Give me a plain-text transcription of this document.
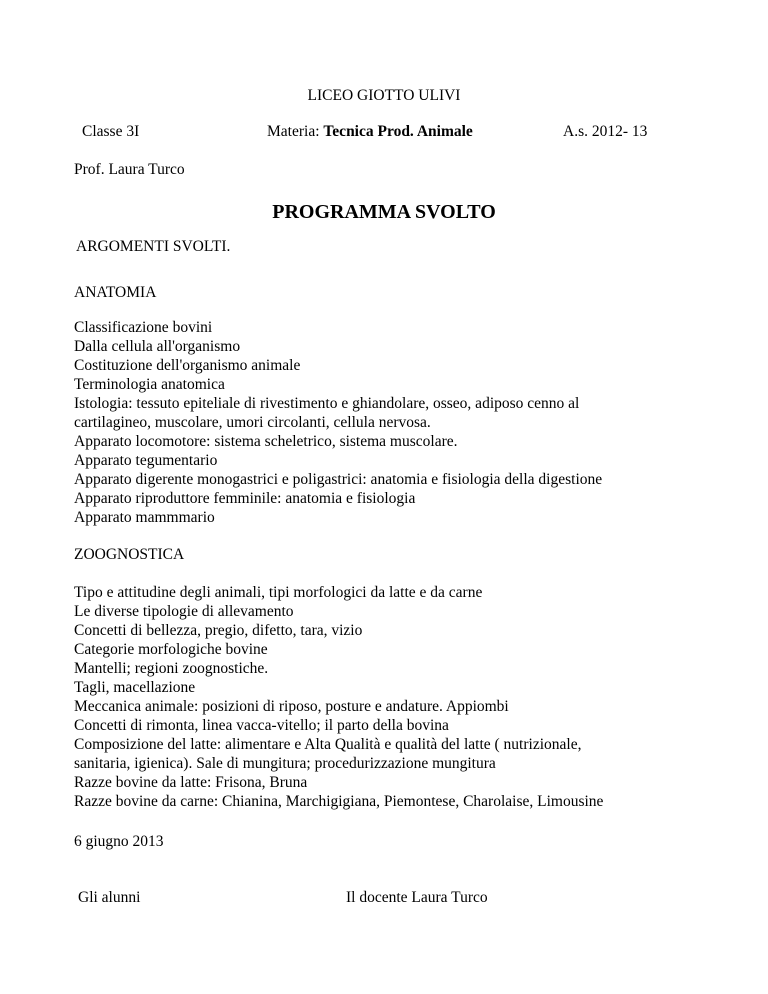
LICEO GIOTTO ULIVI
Classe 3I	Materia: Tecnica Prod. Animale	A.s. 2012- 13
Prof. Laura Turco
PROGRAMMA SVOLTO
ARGOMENTI SVOLTI.
ANATOMIA
Classificazione bovini
Dalla cellula all'organismo
Costituzione dell'organismo animale
Terminologia anatomica
Istologia: tessuto epiteliale di rivestimento e ghiandolare, osseo, adiposo cenno al
cartilagineo, muscolare, umori circolanti, cellula nervosa.
Apparato locomotore: sistema scheletrico, sistema muscolare.
Apparato tegumentario
Apparato digerente monogastrici e poligastrici: anatomia e fisiologia della digestione
Apparato riproduttore femminile: anatomia e fisiologia
Apparato mammmario
ZOOGNOSTICA
Tipo e attitudine degli animali, tipi morfologici da latte e da carne
Le diverse tipologie di allevamento
Concetti di bellezza, pregio, difetto, tara, vizio
Categorie morfologiche bovine
Mantelli; regioni zoognostiche.
Tagli, macellazione
Meccanica animale: posizioni di riposo, posture e andature. Appiombi
Concetti di rimonta, linea vacca-vitello; il parto della bovina
Composizione del latte: alimentare e Alta Qualità e qualità del latte ( nutrizionale,
sanitaria, igienica). Sale di mungitura; procedurizzazione mungitura
Razze bovine da latte: Frisona, Bruna
Razze bovine da carne: Chianina, Marchigigiana, Piemontese, Charolaise, Limousine
6 giugno 2013
Gli alunni	Il docente Laura Turco
